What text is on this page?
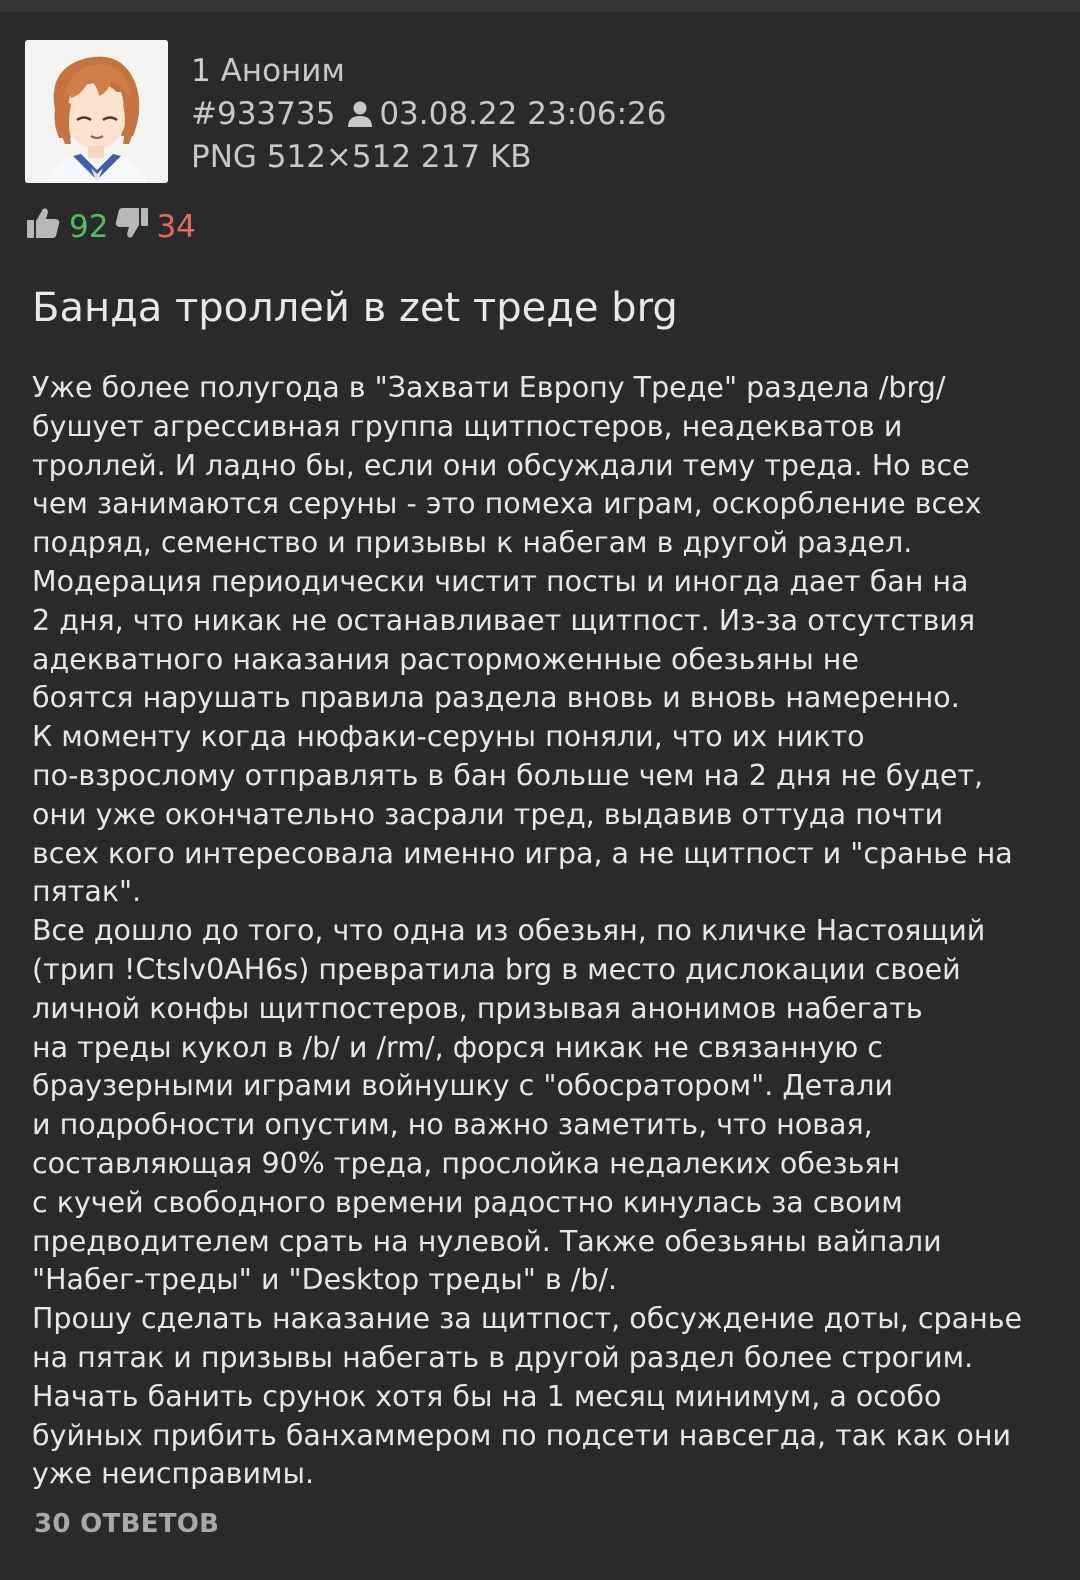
1 Аноним
#933735 03.08.22 23:06:26
PNG 512×512 217 KB
92 34
Банда троллей в zet треде brg
Уже более полугода в "Захвати Европу Треде" раздела /brg/
бушует агрессивная группа щитпостеров, неадекватов и
троллей. И ладно бы, если они обсуждали тему треда. Но все
чем занимаются серуны - это помеха играм, оскорбление всех
подряд, семенство и призывы к набегам в другой раздел.
Модерация периодически чистит посты и иногда дает бан на
2 дня, что никак не останавливает щитпост. Из-за отсутствия
адекватного наказания расторможенные обезьяны не
боятся нарушать правила раздела вновь и вновь намеренно.
К моменту когда нюфаки-серуны поняли, что их никто
по-взрослому отправлять в бан больше чем на 2 дня не будет,
они уже окончательно засрали тред, выдавив оттуда почти
всех кого интересовала именно игра, а не щитпост и "сранье на
пятак".
Все дошло до того, что одна из обезьян, по кличке Настоящий
(трип !Ctslv0AH6s) превратила brg в место дислокации своей
личной конфы щитпостеров, призывая анонимов набегать
на треды кукол в /b/ и /rm/, форся никак не связанную с
браузерными играми войнушку с "обосратором". Детали
и подробности опустим, но важно заметить, что новая,
составляющая 90% треда, прослойка недалеких обезьян
с кучей свободного времени радостно кинулась за своим
предводителем срать на нулевой. Также обезьяны вайпали
"Набег-треды" и "Desktop треды" в /b/.
Прошу сделать наказание за щитпост, обсуждение доты, сранье
на пятак и призывы набегать в другой раздел более строгим.
Начать банить срунок хотя бы на 1 месяц минимум, а особо
буйных прибить банхаммером по подсети навсегда, так как они
уже неисправимы.
30 ОТВЕТОВ
